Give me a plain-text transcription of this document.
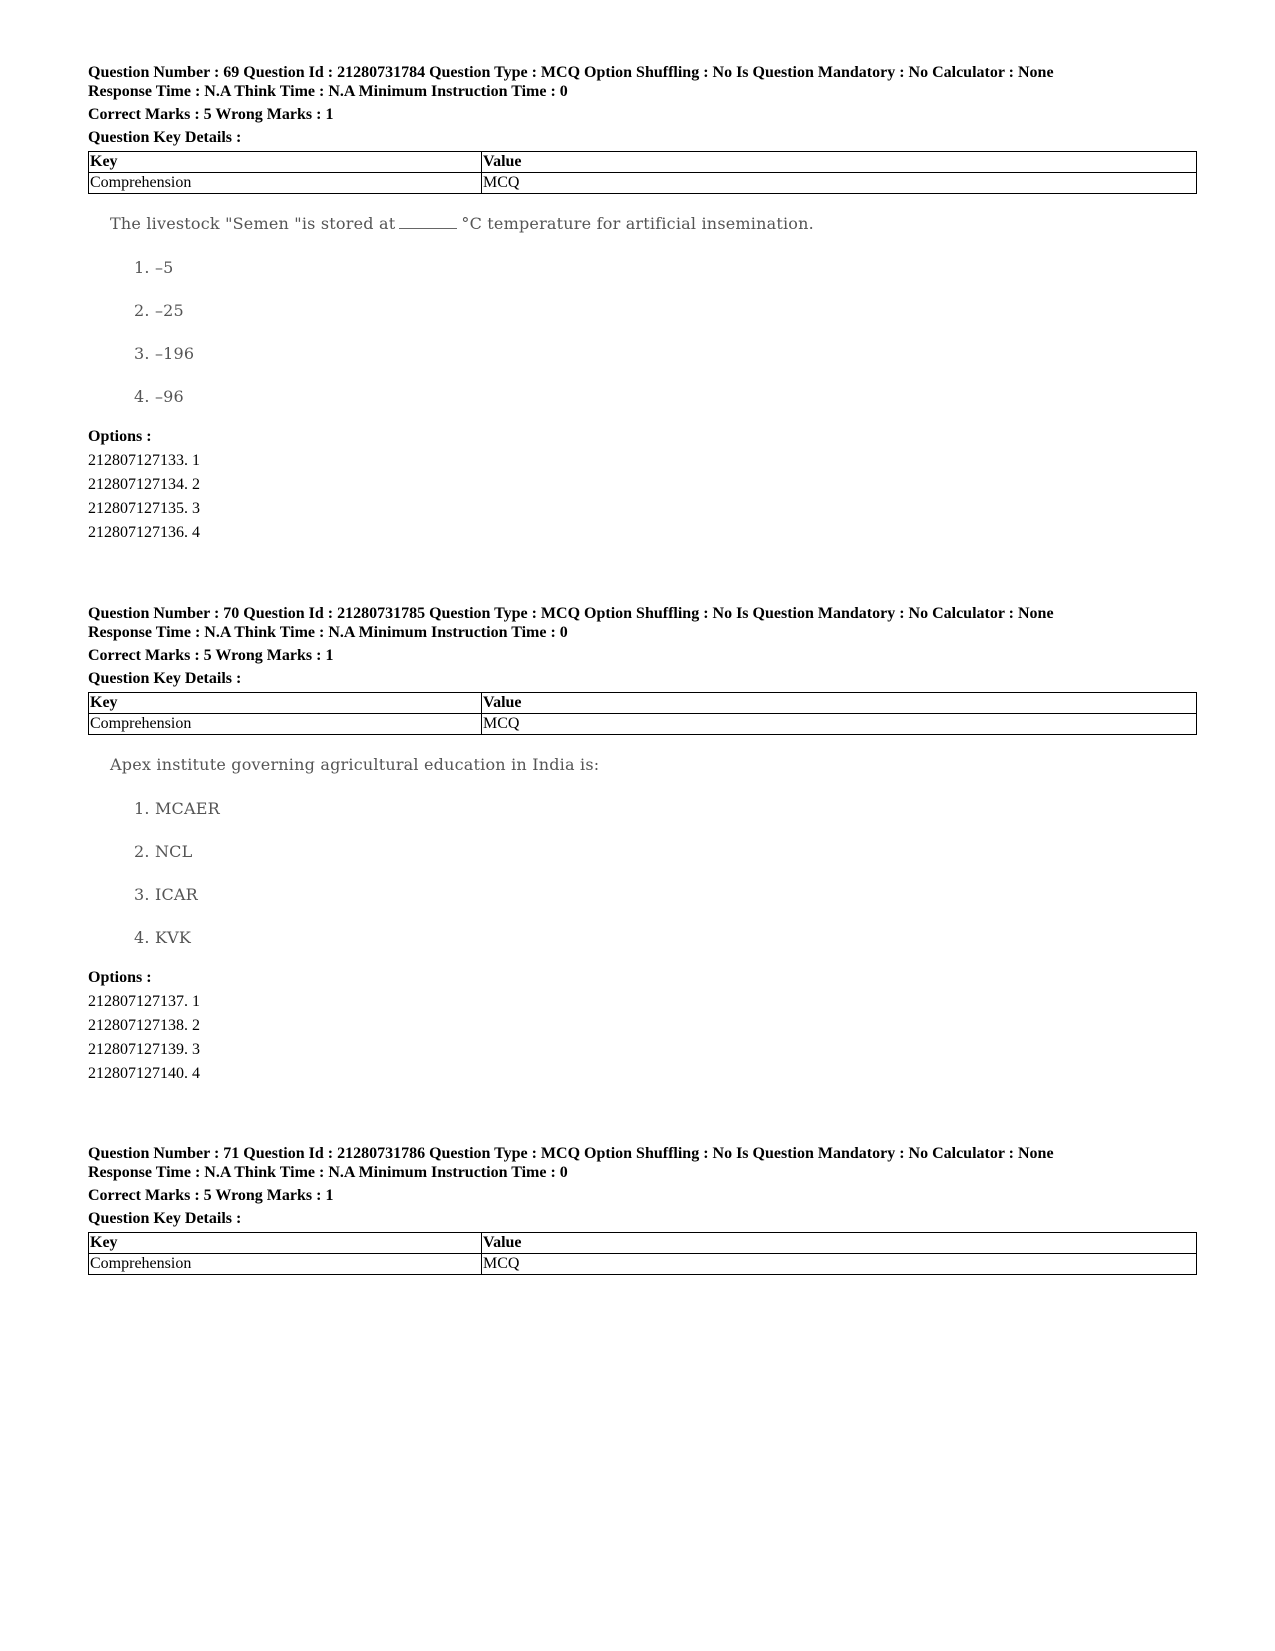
Question Number : 69 Question Id : 21280731784 Question Type : MCQ Option Shuffling : No Is Question Mandatory : No Calculator : None
Response Time : N.A Think Time : N.A Minimum Instruction Time : 0
Correct Marks : 5 Wrong Marks : 1
Question Key Details :
Key	Value
Comprehension	MCQ
The livestock "Semen "is stored at	°C temperature for artificial insemination.
1. –5
2. –25
3. –196
4. –96
Options :
212807127133. 1
212807127134. 2
212807127135. 3
212807127136. 4
Question Number : 70 Question Id : 21280731785 Question Type : MCQ Option Shuffling : No Is Question Mandatory : No Calculator : None
Response Time : N.A Think Time : N.A Minimum Instruction Time : 0
Correct Marks : 5 Wrong Marks : 1
Question Key Details :
Key	Value
Comprehension	MCQ
Apex institute governing agricultural education in India is:
1. MCAER
2. NCL
3. ICAR
4. KVK
Options :
212807127137. 1
212807127138. 2
212807127139. 3
212807127140. 4
Question Number : 71 Question Id : 21280731786 Question Type : MCQ Option Shuffling : No Is Question Mandatory : No Calculator : None
Response Time : N.A Think Time : N.A Minimum Instruction Time : 0
Correct Marks : 5 Wrong Marks : 1
Question Key Details :
Key	Value
Comprehension	MCQ
